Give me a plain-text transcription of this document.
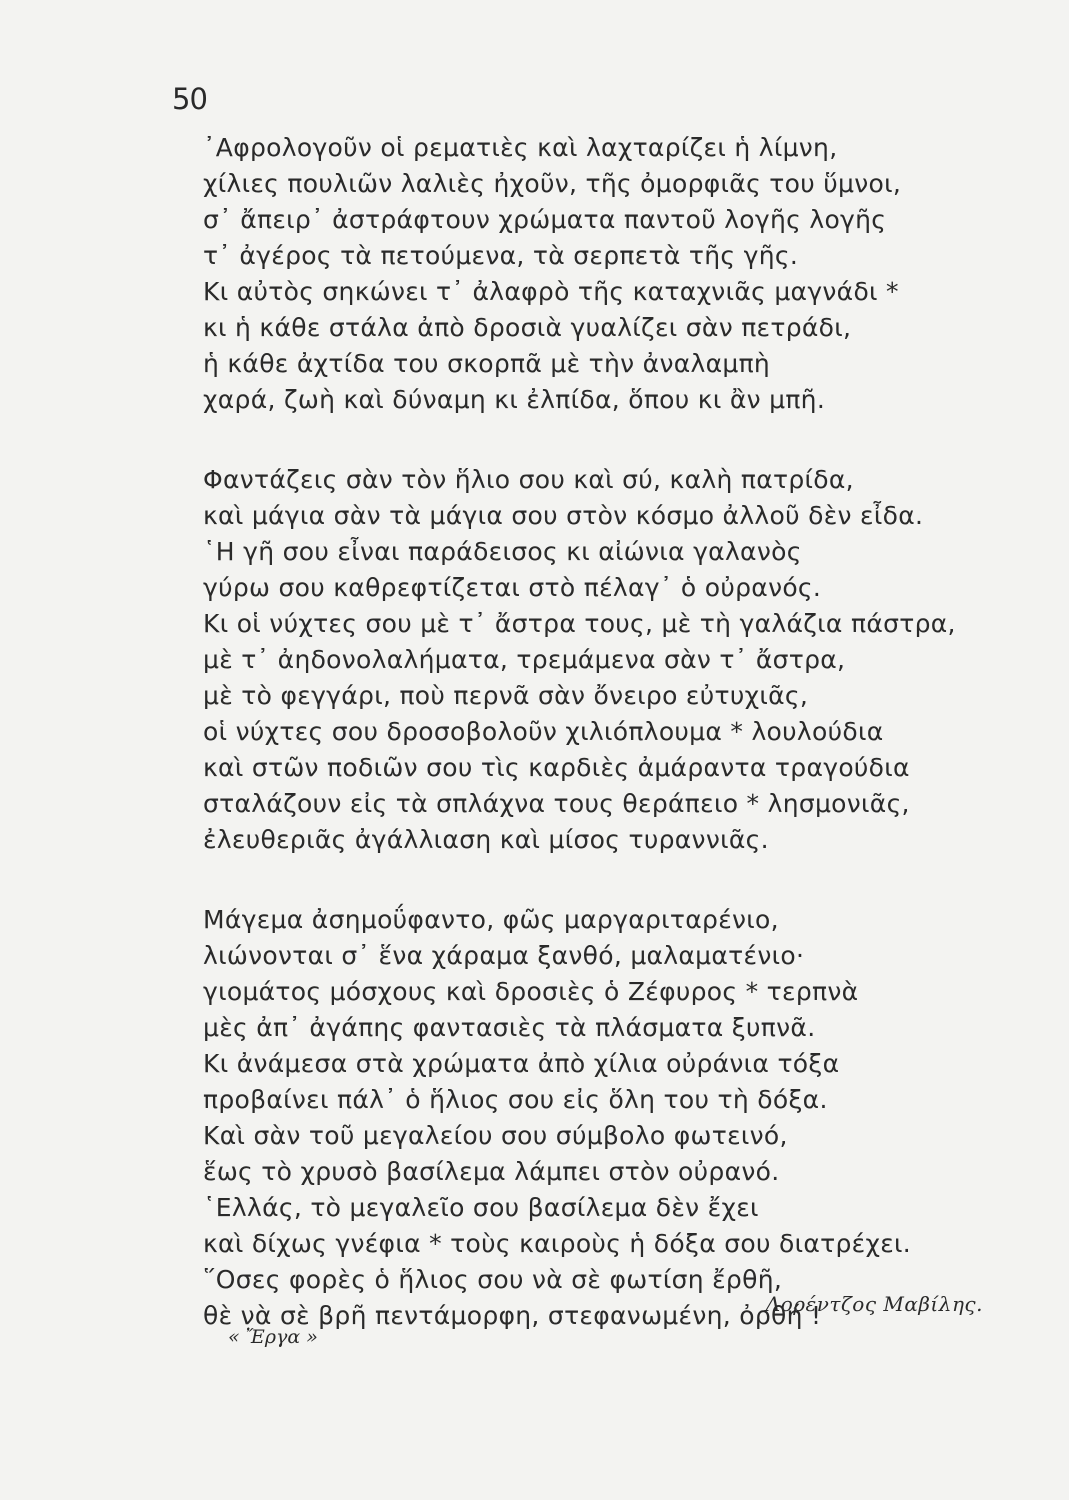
50
᾽Αφρολογοῦν οἱ ρεματιὲς καὶ λαχταρίζει ἡ λίμνη,
χίλιες πουλιῶν λαλιὲς ἠχοῦν, τῆς ὀμορφιᾶς του ὕμνοι,
σ᾽ ἄπειρ᾽ ἀστράφτουν χρώματα παντοῦ λογῆς λογῆς
τ᾽ ἀγέρος τὰ πετούμενα, τὰ σερπετὰ τῆς γῆς.
Κι αὐτὸς σηκώνει τ᾽ ἀλαφρὸ τῆς καταχνιᾶς μαγνάδι *
κι ἡ κάθε στάλα ἀπὸ δροσιὰ γυαλίζει σὰν πετράδι,
ἡ κάθε ἀχτίδα του σκορπᾶ μὲ τὴν ἀναλαμπὴ
χαρά, ζωὴ καὶ δύναμη κι ἐλπίδα, ὅπου κι ἂν μπῆ.
Φαντάζεις σὰν τὸν ἥλιο σου καὶ σύ, καλὴ πατρίδα,
καὶ μάγια σὰν τὰ μάγια σου στὸν κόσμο ἀλλοῦ δὲν εἶδα.
῾Η γῆ σου εἶναι παράδεισος κι αἰώνια γαλανὸς
γύρω σου καθρεφτίζεται στὸ πέλαγ᾽ ὁ οὐρανός.
Κι οἱ νύχτες σου μὲ τ᾽ ἄστρα τους, μὲ τὴ γαλάζια πάστρα,
μὲ τ᾽ ἀηδονολαλήματα, τρεμάμενα σὰν τ᾽ ἄστρα,
μὲ τὸ φεγγάρι, ποὺ περνᾶ σὰν ὄνειρο εὐτυχιᾶς,
οἱ νύχτες σου δροσοβολοῦν χιλιόπλουμα * λουλούδια
καὶ στῶν ποδιῶν σου τὶς καρδιὲς ἀμάραντα τραγούδια
σταλάζουν εἰς τὰ σπλάχνα τους θεράπειο * λησμονιᾶς,
ἐλευθεριᾶς ἀγάλλιαση καὶ μίσος τυραννιᾶς.
Μάγεμα ἀσημοΰφαντο, φῶς μαργαριταρένιο,
λιώνονται σ᾽ ἕνα χάραμα ξανθό, μαλαματένιο·
γιομάτος μόσχους καὶ δροσιὲς ὁ Ζέφυρος * τερπνὰ
μὲς ἀπ᾽ ἀγάπης φαντασιὲς τὰ πλάσματα ξυπνᾶ.
Κι ἀνάμεσα στὰ χρώματα ἀπὸ χίλια οὐράνια τόξα
προβαίνει πάλ᾽ ὁ ἥλιος σου εἰς ὅλη του τὴ δόξα.
Καὶ σὰν τοῦ μεγαλείου σου σύμβολο φωτεινό,
ἕως τὸ χρυσὸ βασίλεμα λάμπει στὸν οὐρανό.
῾Ελλάς, τὸ μεγαλεῖο σου βασίλεμα δὲν ἔχει
καὶ δίχως γνέφια * τοὺς καιροὺς ἡ δόξα σου διατρέχει.
῞Οσες φορὲς ὁ ἥλιος σου νὰ σὲ φωτίση ἔρθῆ,
θὲ νὰ σὲ βρῆ πεντάμορφη, στεφανωμένη, ὀρθή !
Λορέντζος Μαβίλης.
« Ἔργα »
